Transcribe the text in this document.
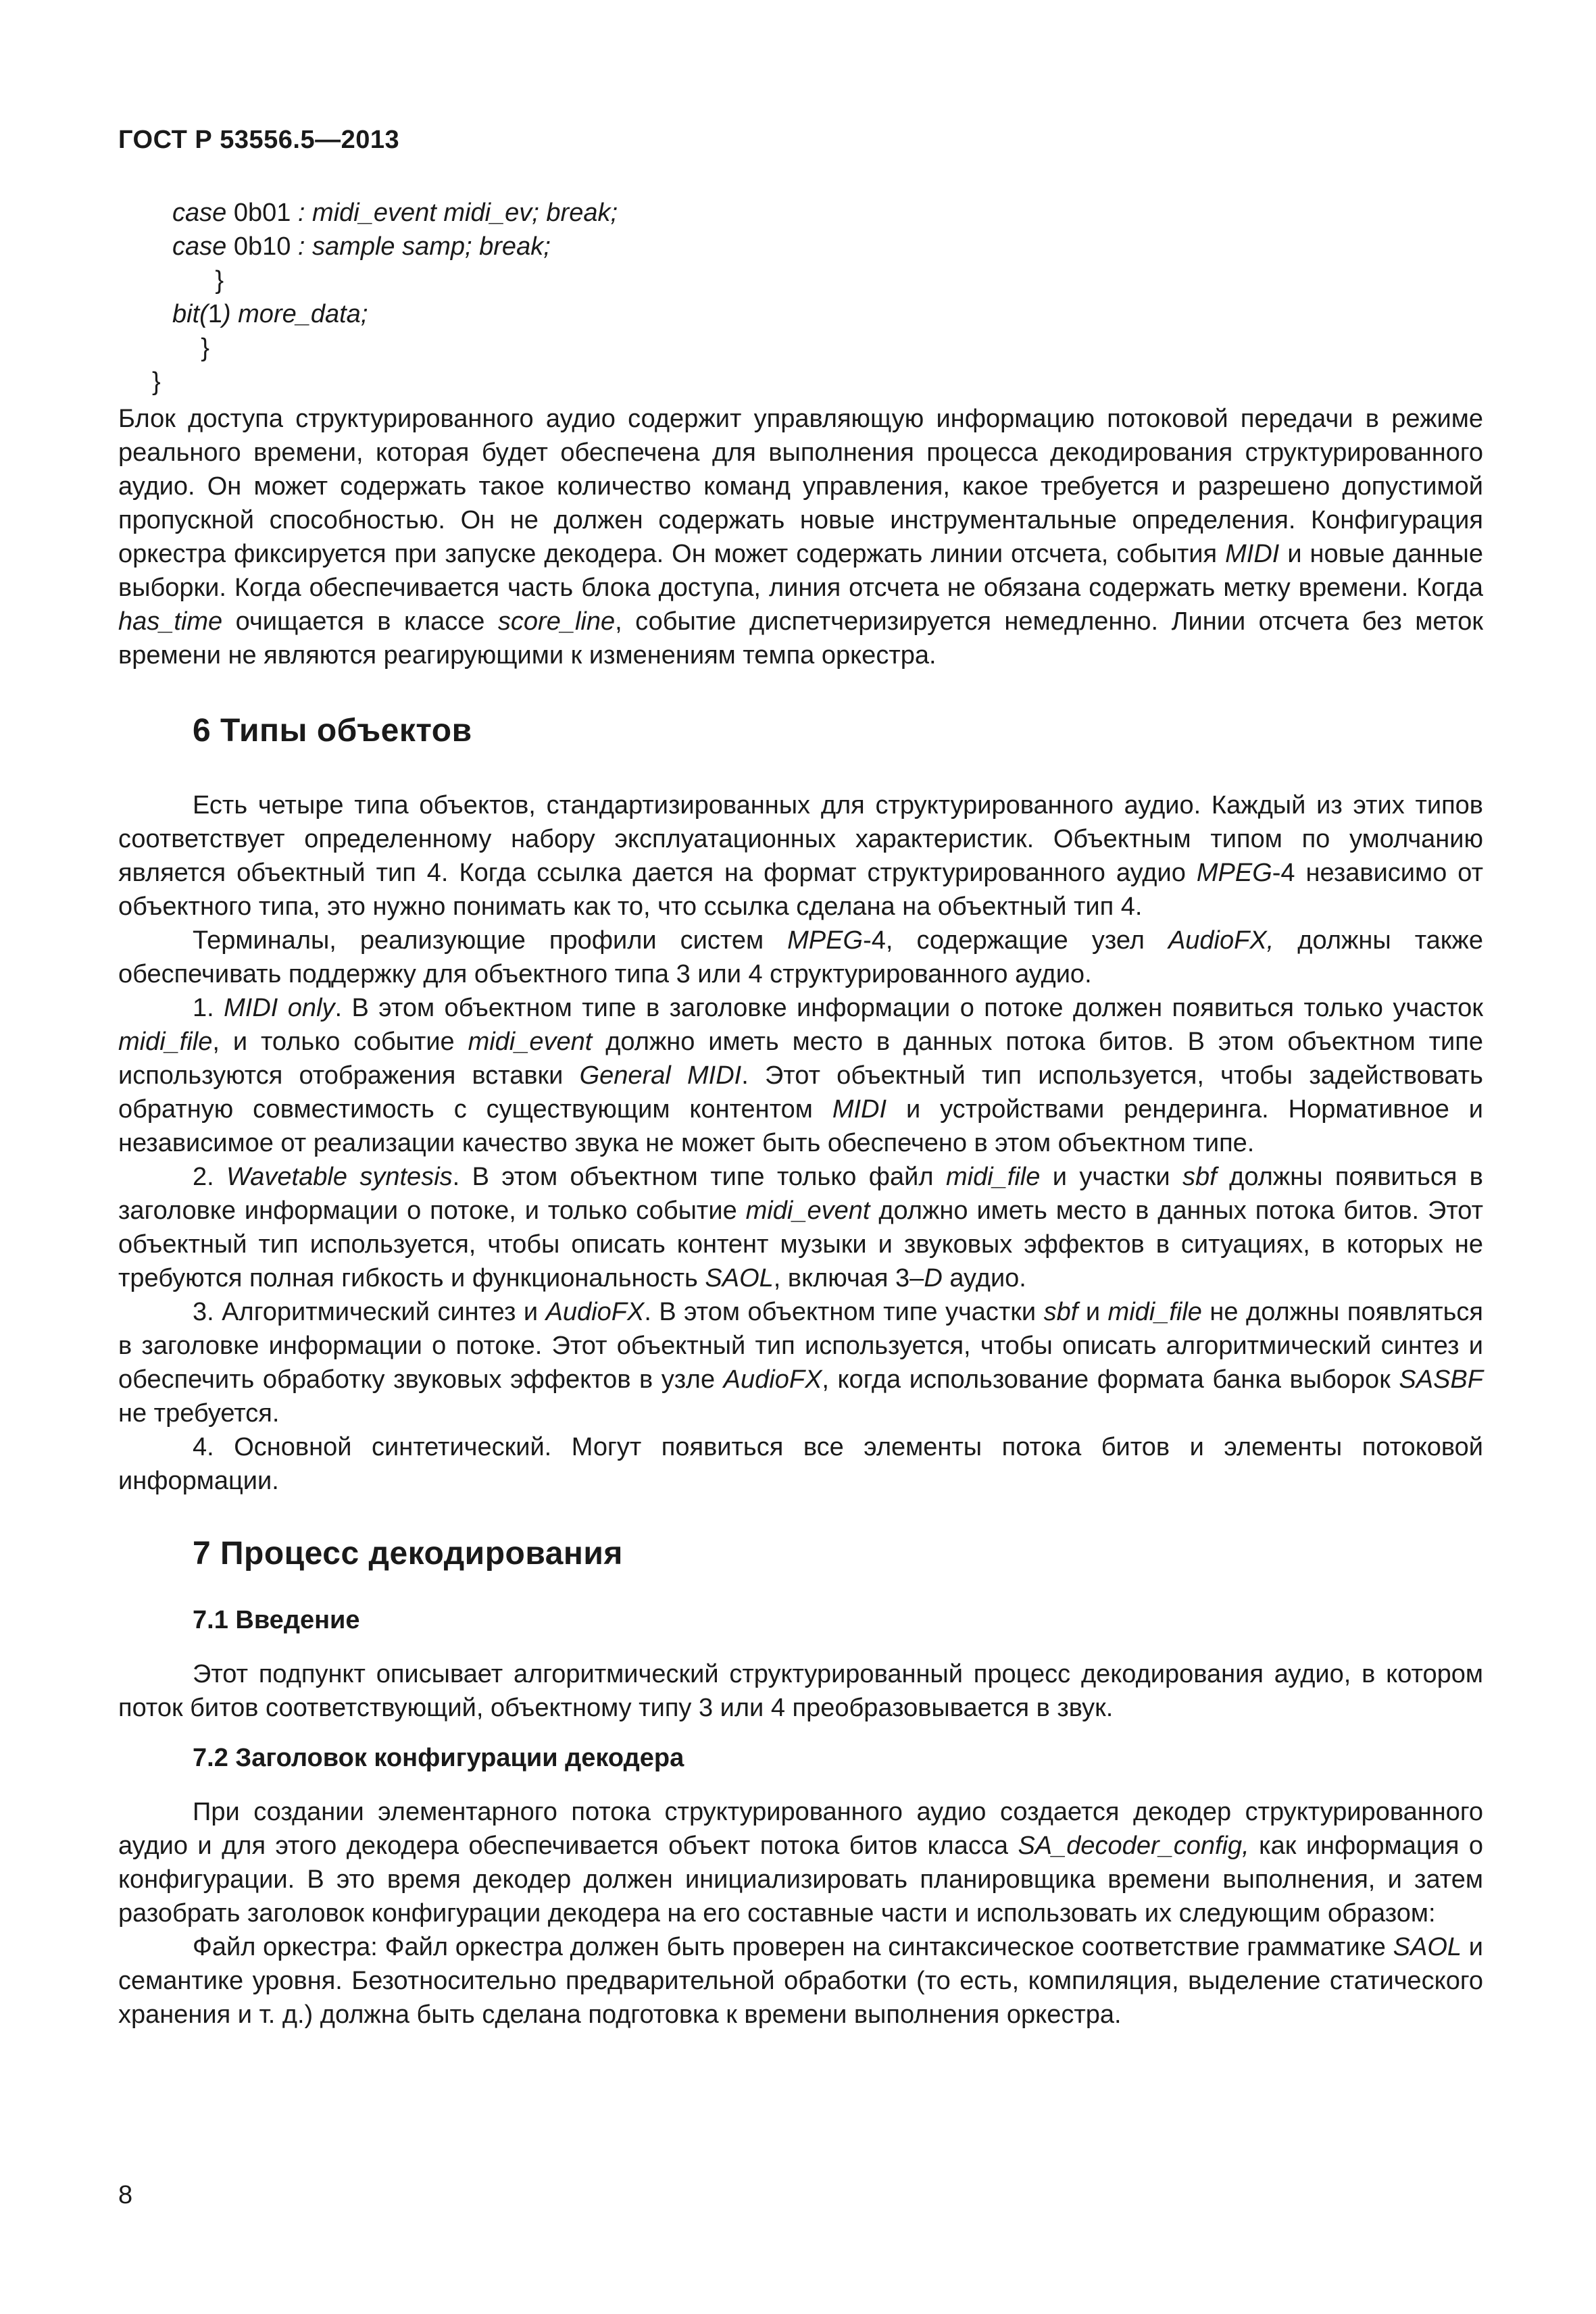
ГОСТ Р 53556.5—2013
case 0b01 : midi_event midi_ev; break;
case 0b10 : sample samp; break;
}
bit(1) more_data;
}
}

Блок доступа структурированного аудио содержит управляющую информацию потоковой передачи в режиме реального времени, которая будет обеспечена для выполнения процесса декодирования структурированного аудио. Он может содержать такое количество команд управления, какое требуется и разрешено допустимой пропускной способностью. Он не должен содержать новые инструментальные определения. Конфигурация оркестра фиксируется при запуске декодера. Он может содержать линии отсчета, события MIDI и новые данные выборки. Когда обеспечивается часть блока доступа, линия отсчета не обязана содержать метку времени. Когда has_time очищается в классе score_line, событие диспетчеризируется немедленно. Линии отсчета без меток времени не являются реагирующими к изменениям темпа оркестра.

6 Типы объектов

Есть четыре типа объектов, стандартизированных для структурированного аудио. Каждый из этих типов соответствует определенному набору эксплуатационных характеристик. Объектным типом по умолчанию является объектный тип 4. Когда ссылка дается на формат структурированного аудио MPEG-4 независимо от объектного типа, это нужно понимать как то, что ссылка сделана на объектный тип 4.

Терминалы, реализующие профили систем MPEG-4, содержащие узел AudioFX, должны также обеспечивать поддержку для объектного типа 3 или 4 структурированного аудио.

1. MIDI only. В этом объектном типе в заголовке информации о потоке должен появиться только участок midi_file, и только событие midi_event должно иметь место в данных потока битов. В этом объектном типе используются отображения вставки General MIDI. Этот объектный тип используется, чтобы задействовать обратную совместимость с существующим контентом MIDI и устройствами рендеринга. Нормативное и независимое от реализации качество звука не может быть обеспечено в этом объектном типе.

2. Wavetable syntesis. В этом объектном типе только файл midi_file и участки sbf должны появиться в заголовке информации о потоке, и только событие midi_event должно иметь место в данных потока битов. Этот объектный тип используется, чтобы описать контент музыки и звуковых эффектов в ситуациях, в которых не требуются полная гибкость и функциональность SAOL, включая 3–D аудио.

3. Алгоритмический синтез и AudioFX. В этом объектном типе участки sbf и midi_file не должны появляться в заголовке информации о потоке. Этот объектный тип используется, чтобы описать алгоритмический синтез и обеспечить обработку звуковых эффектов в узле AudioFX, когда использование формата банка выборок SASBF не требуется.

4. Основной синтетический. Могут появиться все элементы потока битов и элементы потоковой информации.

7 Процесс декодирования
7.1 Введение

Этот подпункт описывает алгоритмический структурированный процесс декодирования аудио, в котором поток битов соответствующий, объектному типу 3 или 4 преобразовывается в звук.

7.2 Заголовок конфигурации декодера

При создании элементарного потока структурированного аудио создается декодер структурированного аудио и для этого декодера обеспечивается объект потока битов класса SA_decoder_config, как информация о конфигурации. В это время декодер должен инициализировать планировщика времени выполнения, и затем разобрать заголовок конфигурации декодера на его составные части и использовать их следующим образом:

Файл оркестра: Файл оркестра должен быть проверен на синтаксическое соответствие грамматике SAOL и семантике уровня. Безотносительно предварительной обработки (то есть, компиляция, выделение статического хранения и т. д.) должна быть сделана подготовка к времени выполнения оркестра.

8
